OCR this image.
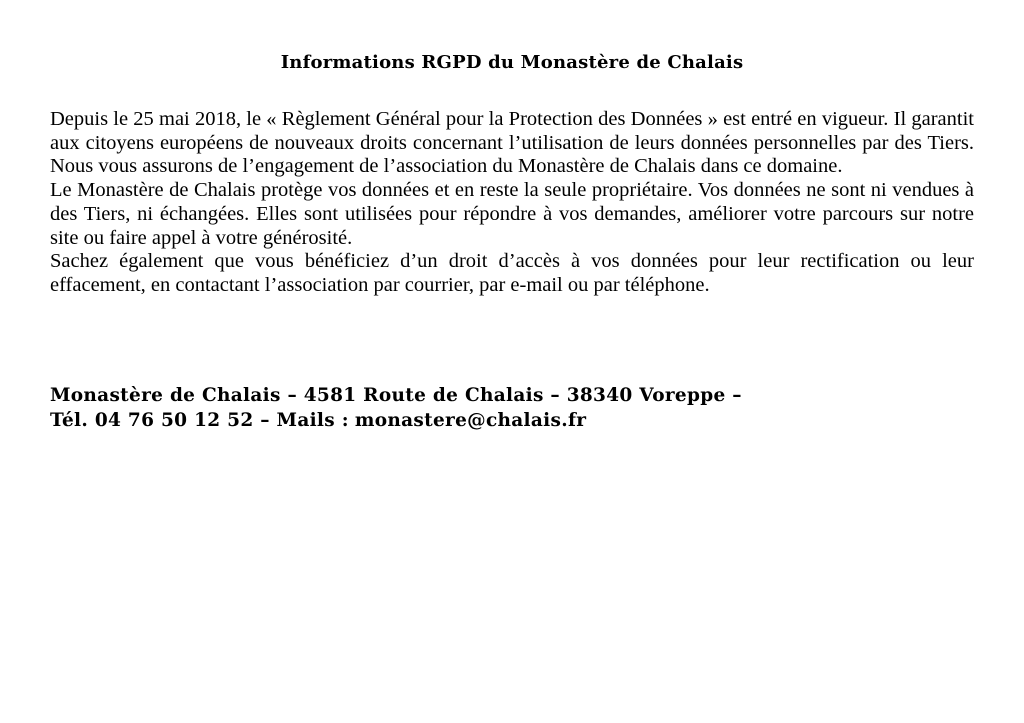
Informations RGPD du Monastère de Chalais

Depuis le 25 mai 2018, le « Règlement Général pour la Protection des Données » est entré en vigueur. Il garantit aux citoyens européens de nouveaux droits concernant l’utilisation de leurs données personnelles par des Tiers. Nous vous assurons de l’engagement de l’association du Monastère de Chalais dans ce domaine.

Le Monastère de Chalais protège vos données et en reste la seule propriétaire. Vos données ne sont ni vendues à des Tiers, ni échangées. Elles sont utilisées pour répondre à vos demandes, améliorer votre parcours sur notre site ou faire appel à votre générosité.

Sachez également que vous bénéficiez d’un droit d’accès à vos données pour leur rectification ou leur effacement, en contactant l’association par courrier, par e-mail ou par téléphone.

Monastère de Chalais – 4581 Route de Chalais – 38340 Voreppe –

Tél. 04 76 50 12 52 – Mails : monastere@chalais.fr
